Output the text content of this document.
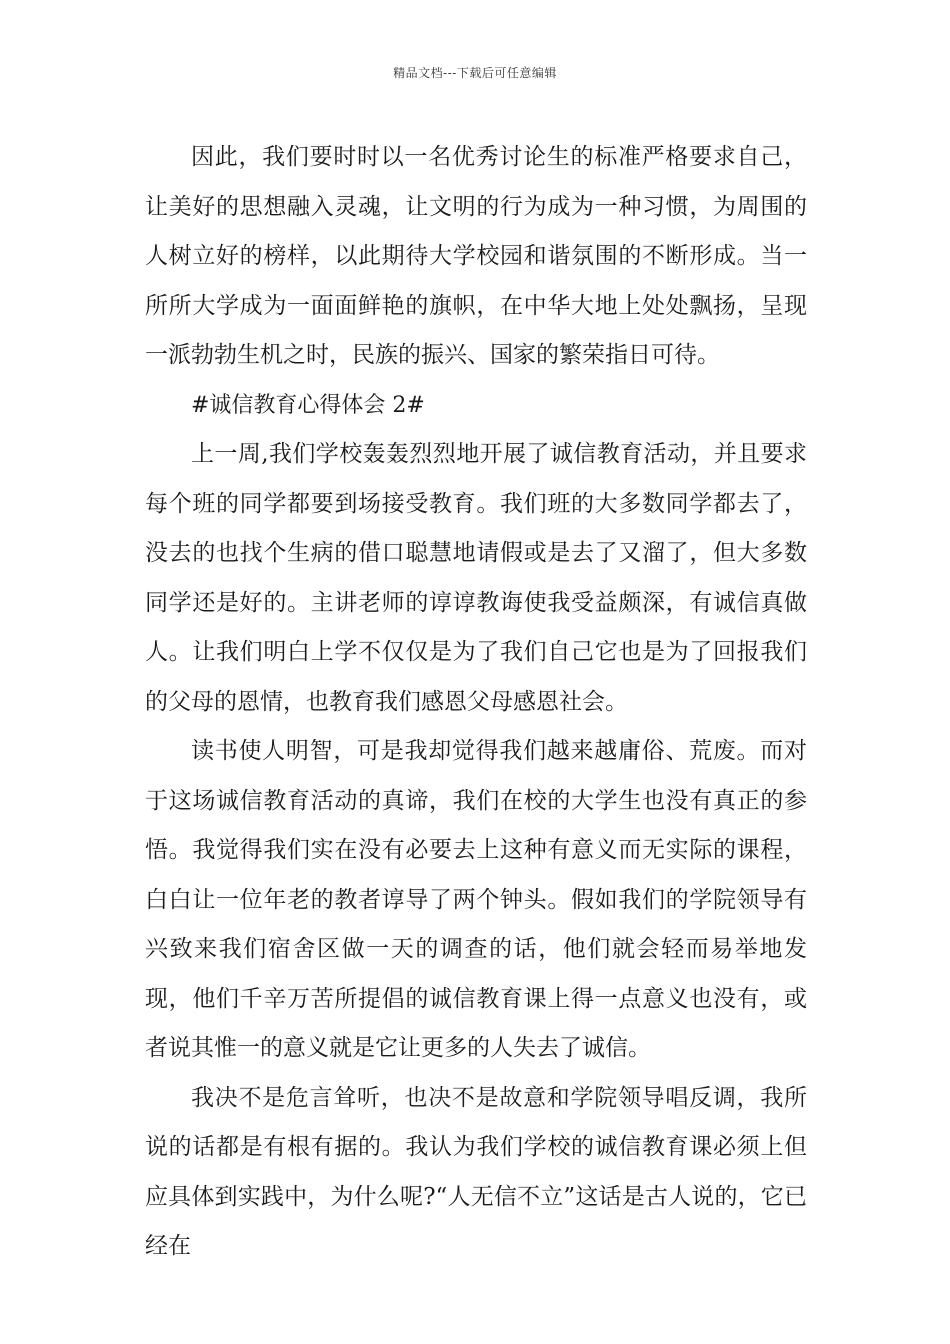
精品文档---下载后可任意编辑

因此，我们要时时以一名优秀讨论生的标准严格要求自己，让美好的思想融入灵魂，让文明的行为成为一种习惯，为周围的人树立好的榜样，以此期待大学校园和谐氛围的不断形成。当一所所大学成为一面面鲜艳的旗帜，在中华大地上处处飘扬，呈现一派勃勃生机之时，民族的振兴、国家的繁荣指日可待。

#诚信教育心得体会 2#

上一周,我们学校轰轰烈烈地开展了诚信教育活动，并且要求每个班的同学都要到场接受教育。我们班的大多数同学都去了，没去的也找个生病的借口聪慧地请假或是去了又溜了，但大多数同学还是好的。主讲老师的谆谆教诲使我受益颇深，有诚信真做人。让我们明白上学不仅仅是为了我们自己它也是为了回报我们的父母的恩情，也教育我们感恩父母感恩社会。

读书使人明智，可是我却觉得我们越来越庸俗、荒废。而对于这场诚信教育活动的真谛，我们在校的大学生也没有真正的参悟。我觉得我们实在没有必要去上这种有意义而无实际的课程，白白让一位年老的教者谆导了两个钟头。假如我们的学院领导有兴致来我们宿舍区做一天的调查的话，他们就会轻而易举地发现，他们千辛万苦所提倡的诚信教育课上得一点意义也没有，或者说其惟一的意义就是它让更多的人失去了诚信。

我决不是危言耸听，也决不是故意和学院领导唱反调，我所说的话都是有根有据的。我认为我们学校的诚信教育课必须上但应具体到实践中，为什么呢?“人无信不立”这话是古人说的，它已经在
